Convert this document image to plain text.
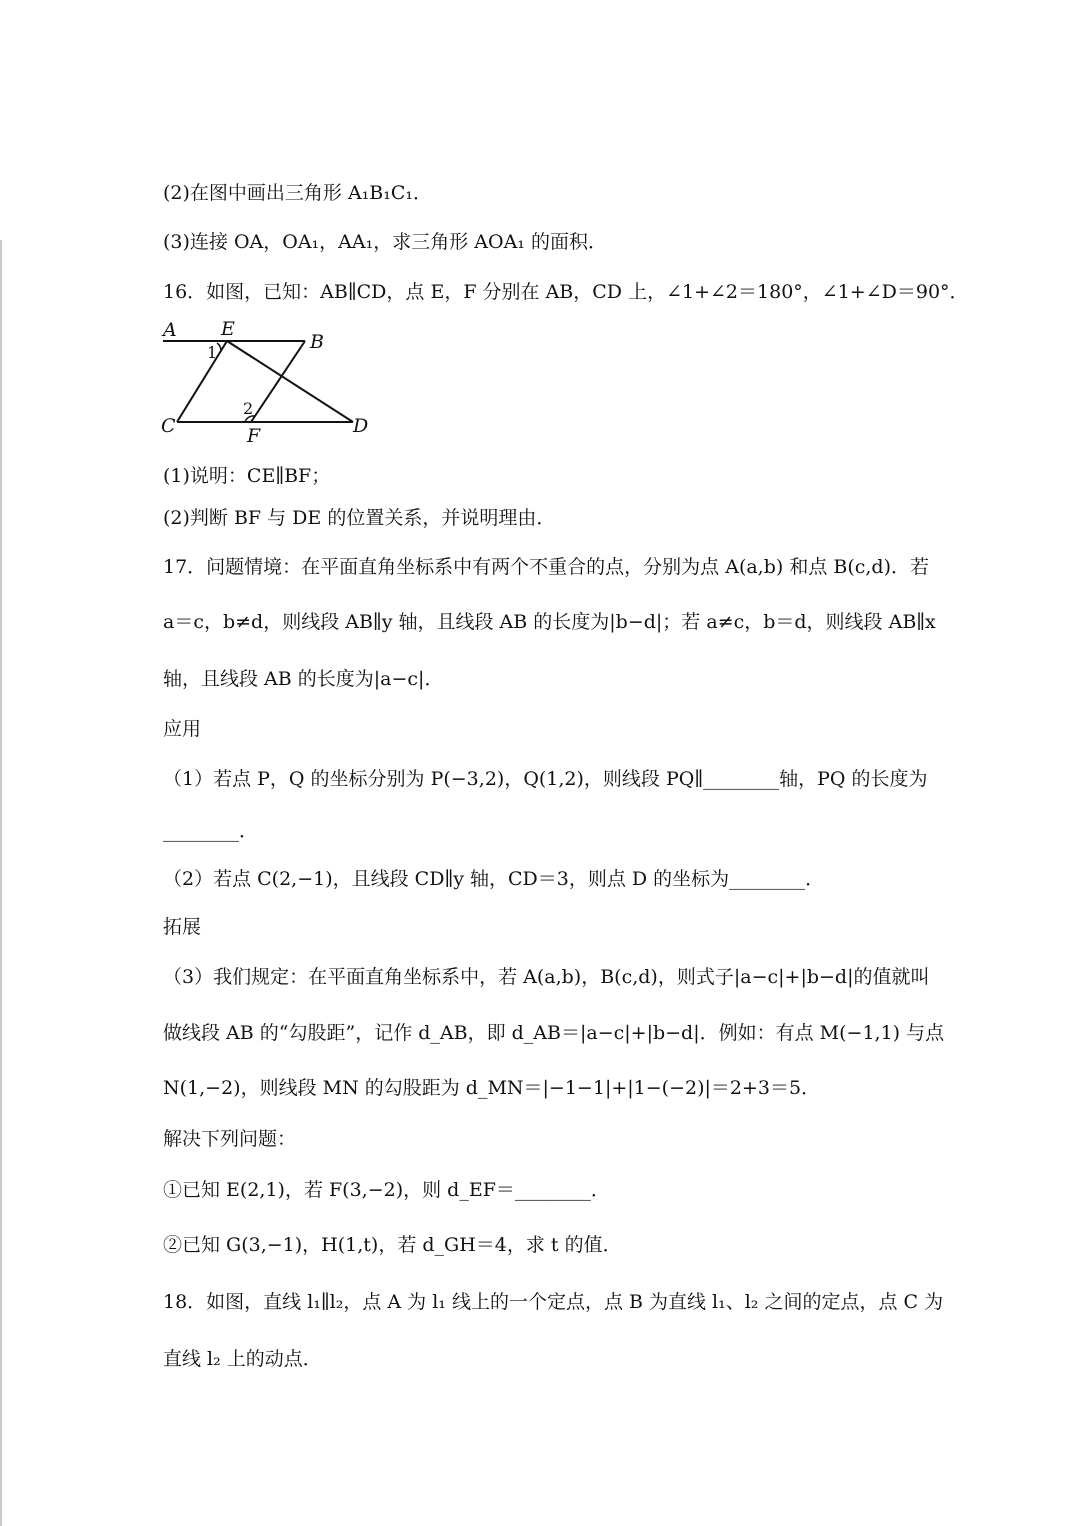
(2)在图中画出三角形 A₁B₁C₁．
(3)连接 OA，OA₁，AA₁，求三角形 AOA₁ 的面积．
16．如图，已知：AB∥CD，点 E，F 分别在 AB，CD 上，∠1+∠2＝180°，∠1+∠D＝90°．
A E
B
C	F	D
1
2
(1)说明：CE∥BF；
(2)判断 BF 与 DE 的位置关系，并说明理由．
17．问题情境：在平面直角坐标系中有两个不重合的点，分别为点 A(a,b) 和点 B(c,d)．若
a＝c，b≠d，则线段 AB∥y 轴，且线段 AB 的长度为|b−d|；若 a≠c，b＝d，则线段 AB∥x
轴，且线段 AB 的长度为|a−c|．
应用
（1）若点 P，Q 的坐标分别为 P(−3,2)，Q(1,2)，则线段 PQ∥________轴，PQ 的长度为
________．
（2）若点 C(2,−1)，且线段 CD∥y 轴，CD＝3，则点 D 的坐标为________．
拓展
（3）我们规定：在平面直角坐标系中，若 A(a,b)，B(c,d)，则式子|a−c|+|b−d|的值就叫
做线段 AB 的“勾股距”，记作 d_AB，即 d_AB＝|a−c|+|b−d|．例如：有点 M(−1,1) 与点
N(1,−2)，则线段 MN 的勾股距为 d_MN＝|−1−1|+|1−(−2)|＝2+3＝5．
解决下列问题：
①已知 E(2,1)，若 F(3,−2)，则 d_EF＝________．
②已知 G(3,−1)，H(1,t)，若 d_GH＝4，求 t 的值．
18．如图，直线 l₁∥l₂，点 A 为 l₁ 线上的一个定点，点 B 为直线 l₁、l₂ 之间的定点，点 C 为
直线 l₂ 上的动点．
